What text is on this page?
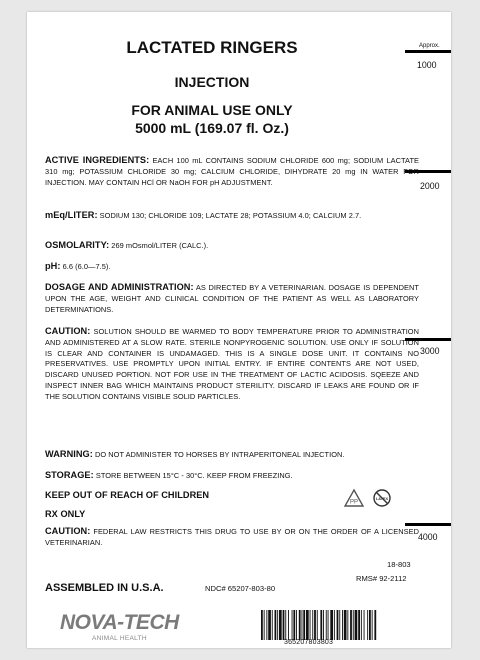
LACTATED RINGERS
INJECTION
FOR ANIMAL USE ONLY
5000 mL (169.07 fl. Oz.)
Approx.
1000
2000
3000
4000
ACTIVE INGREDIENTS: EACH 100 mL CONTAINS SODIUM CHLORIDE 600 mg; SODIUM LACTATE 310 mg; POTASSIUM CHLORIDE 30 mg; CALCIUM CHLORIDE, DIHYDRATE 20 mg IN WATER FOR INJECTION. MAY CONTAIN HCl OR NaOH FOR pH ADJUSTMENT.
mEq/LITER: SODIUM 130; CHLORIDE 109; LACTATE 28; POTASSIUM 4.0; CALCIUM 2.7.
OSMOLARITY: 269 mOsmol/LITER (CALC.).
pH: 6.6 (6.0—7.5).
DOSAGE AND ADMINISTRATION: AS DIRECTED BY A VETERINARIAN. DOSAGE IS DEPENDENT UPON THE AGE, WEIGHT AND CLINICAL CONDITION OF THE PATIENT AS WELL AS LABORATORY DETERMINATIONS.
CAUTION: SOLUTION SHOULD BE WARMED TO BODY TEMPERATURE PRIOR TO ADMINISTRATION AND ADMINISTERED AT A SLOW RATE. STERILE NONPYROGENIC SOLUTION. USE ONLY IF SOLUTION IS CLEAR AND CONTAINER IS UNDAMAGED. THIS IS A SINGLE DOSE UNIT. IT CONTAINS NO PRESERVATIVES. USE PROMPTLY UPON INITIAL ENTRY. IF ENTIRE CONTENTS ARE NOT USED, DISCARD UNUSED PORTION. NOT FOR USE IN THE TREATMENT OF LACTIC ACIDOSIS. SQEEZE AND INSPECT INNER BAG WHICH MAINTAINS PRODUCT STERILITY. DISCARD IF LEAKS ARE FOUND OR IF THE SOLUTION CONTAINS VISIBLE SOLID PARTICLES.
WARNING: DO NOT ADMINISTER TO HORSES BY INTRAPERITONEAL INJECTION.
STORAGE: STORE BETWEEN 15°C - 30°C. KEEP FROM FREEZING.
KEEP OUT OF REACH OF CHILDREN
RX ONLY
CAUTION: FEDERAL LAW RESTRICTS THIS DRUG TO USE BY OR ON THE ORDER OF A LICENSED VETERINARIAN.
PP
LATEX
18-803
RMS# 92-2112
ASSEMBLED IN U.S.A.	NDC# 65207-803-80
NOVA-TECH
ANIMAL HEALTH
365207803803
